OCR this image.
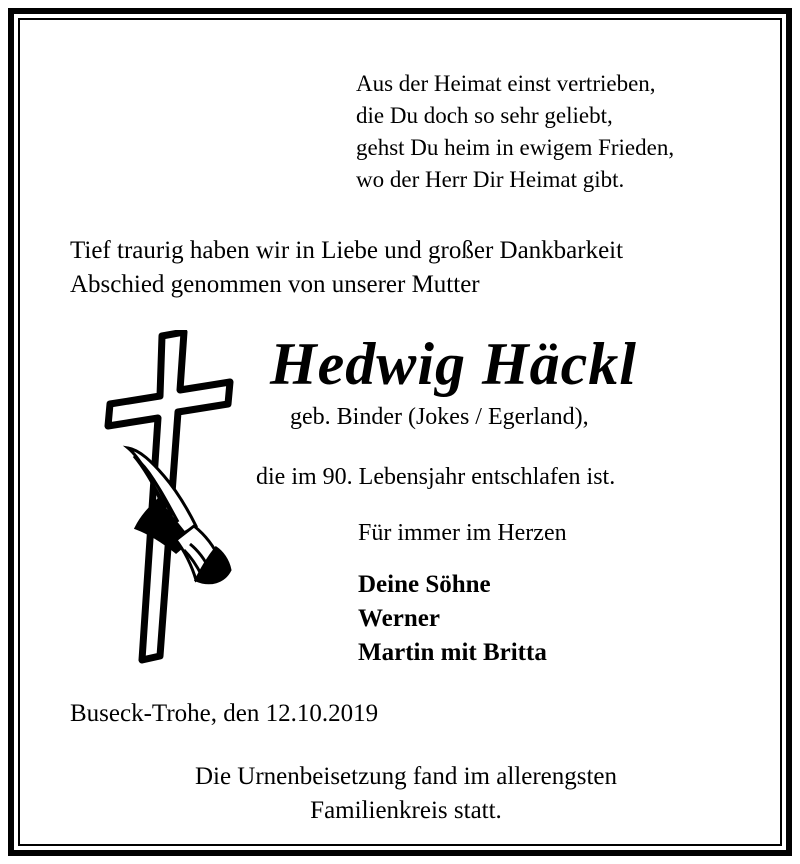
Aus der Heimat einst vertrieben,
die Du doch so sehr geliebt,
gehst Du heim in ewigem Frieden,
wo der Herr Dir Heimat gibt.
Tief traurig haben wir in Liebe und großer Dankbarkeit
Abschied genommen von unserer Mutter
Hedwig Häckl
geb. Binder (Jokes / Egerland),
die im 90. Lebensjahr entschlafen ist.
Für immer im Herzen
Deine Söhne
Werner
Martin mit Britta
Buseck-Trohe, den 12.10.2019
Die Urnenbeisetzung fand im allerengsten
Familienkreis statt.
